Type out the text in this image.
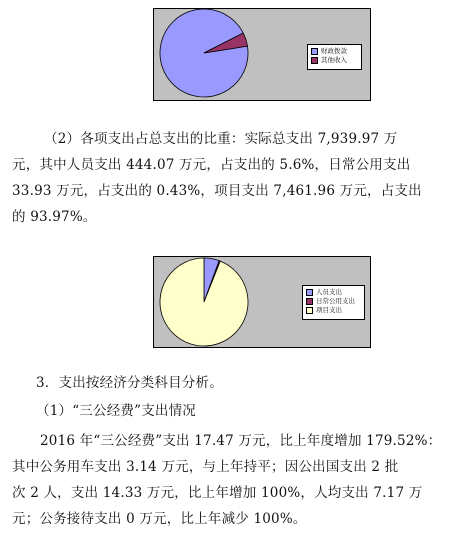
财政拨款
其他收入
（2）各项支出占总支出的比重：实际总支出 7,939.97 万
元，其中人员支出 444.07 万元，占支出的 5.6%，日常公用支出
33.93 万元，占支出的 0.43%，项目支出 7,461.96 万元，占支出
的 93.97%。
人员支出
日常公用支出
项目支出
3．支出按经济分类科目分析。
（1）“三公经费”支出情况
2016 年“三公经费”支出 17.47 万元，比上年度增加 179.52%：
其中公务用车支出 3.14 万元，与上年持平；因公出国支出 2 批
次 2 人，支出 14.33 万元，比上年增加 100%，人均支出 7.17 万
元；公务接待支出 0 万元，比上年减少 100%。
